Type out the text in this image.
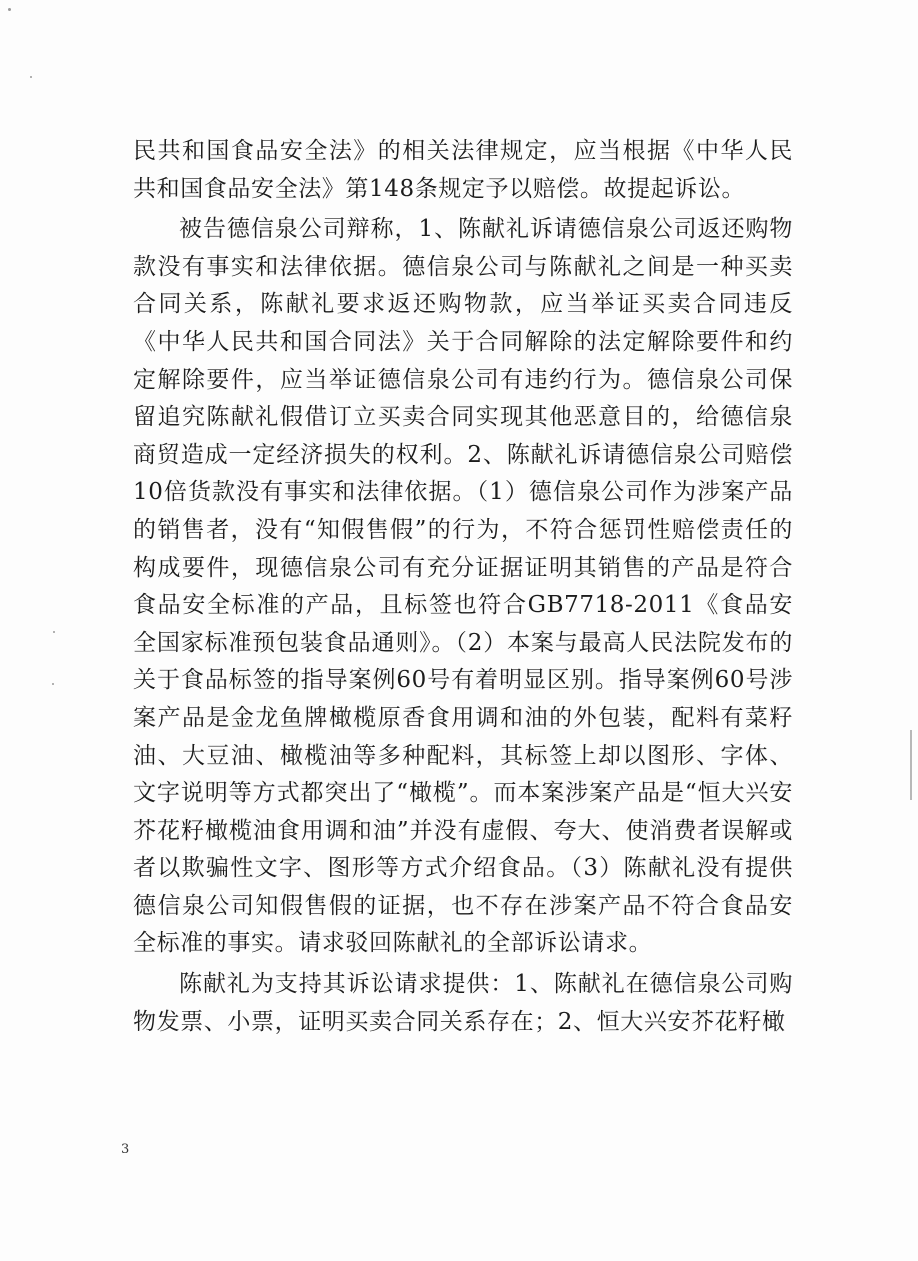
民共和国食品安全法》的相关法律规定，应当根据《中华人民共和国食品安全法》第148条规定予以赔偿。故提起诉讼。

被告德信泉公司辩称，1、陈献礼诉请德信泉公司返还购物款没有事实和法律依据。德信泉公司与陈献礼之间是一种买卖合同关系，陈献礼要求返还购物款，应当举证买卖合同违反《中华人民共和国合同法》关于合同解除的法定解除要件和约定解除要件，应当举证德信泉公司有违约行为。德信泉公司保留追究陈献礼假借订立买卖合同实现其他恶意目的，给德信泉商贸造成一定经济损失的权利。2、陈献礼诉请德信泉公司赔偿10倍货款没有事实和法律依据。（1）德信泉公司作为涉案产品的销售者，没有“知假售假”的行为，不符合惩罚性赔偿责任的构成要件，现德信泉公司有充分证据证明其销售的产品是符合食品安全标准的产品，且标签也符合GB7718-2011《食品安全国家标准预包装食品通则》。（2）本案与最高人民法院发布的关于食品标签的指导案例60号有着明显区别。指导案例60号涉案产品是金龙鱼牌橄榄原香食用调和油的外包装，配料有菜籽油、大豆油、橄榄油等多种配料，其标签上却以图形、字体、文字说明等方式都突出了“橄榄”。而本案涉案产品是“恒大兴安芥花籽橄榄油食用调和油”并没有虚假、夸大、使消费者误解或者以欺骗性文字、图形等方式介绍食品。（3）陈献礼没有提供德信泉公司知假售假的证据，也不存在涉案产品不符合食品安全标准的事实。请求驳回陈献礼的全部诉讼请求。

陈献礼为支持其诉讼请求提供：1、陈献礼在德信泉公司购物发票、小票，证明买卖合同关系存在；2、恒大兴安芥花籽橄

3
